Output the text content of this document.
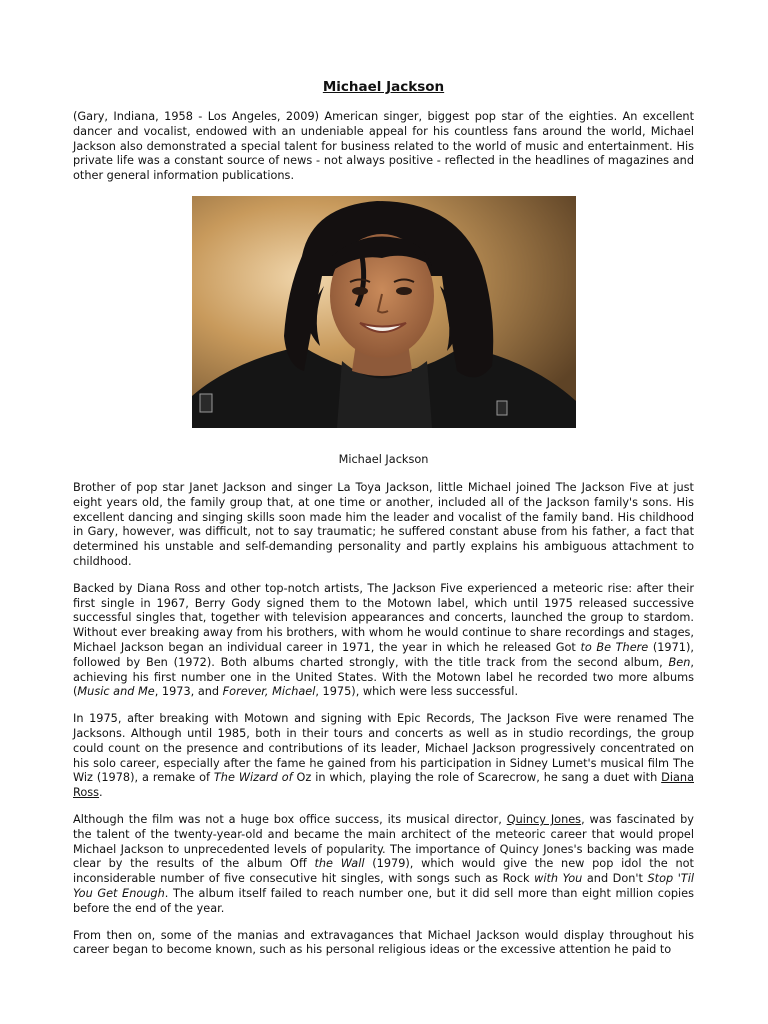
Michael Jackson

(Gary, Indiana, 1958 - Los Angeles, 2009) American singer, biggest pop star of the eighties. An excellent dancer and vocalist, endowed with an undeniable appeal for his countless fans around the world, Michael Jackson also demonstrated a special talent for business related to the world of music and entertainment. His private life was a constant source of news - not always positive - reflected in the headlines of magazines and other general information publications.

Michael Jackson

Brother of pop star Janet Jackson and singer La Toya Jackson, little Michael joined The Jackson Five at just eight years old, the family group that, at one time or another, included all of the Jackson family's sons. His excellent dancing and singing skills soon made him the leader and vocalist of the family band. His childhood in Gary, however, was difficult, not to say traumatic; he suffered constant abuse from his father, a fact that determined his unstable and self-demanding personality and partly explains his ambiguous attachment to childhood.

Backed by Diana Ross and other top-notch artists, The Jackson Five experienced a meteoric rise: after their first single in 1967, Berry Gody signed them to the Motown label, which until 1975 released successive successful singles that, together with television appearances and concerts, launched the group to stardom. Without ever breaking away from his brothers, with whom he would continue to share recordings and stages, Michael Jackson began an individual career in 1971, the year in which he released Got to Be There (1971), followed by Ben (1972). Both albums charted strongly, with the title track from the second album, Ben, achieving his first number one in the United States. With the Motown label he recorded two more albums (Music and Me, 1973, and Forever, Michael, 1975), which were less successful.

In 1975, after breaking with Motown and signing with Epic Records, The Jackson Five were renamed The Jacksons. Although until 1985, both in their tours and concerts as well as in studio recordings, the group could count on the presence and contributions of its leader, Michael Jackson progressively concentrated on his solo career, especially after the fame he gained from his participation in Sidney Lumet's musical film The Wiz (1978), a remake of The Wizard of Oz in which, playing the role of Scarecrow, he sang a duet with Diana Ross.

Although the film was not a huge box office success, its musical director, Quincy Jones, was fascinated by the talent of the twenty-year-old and became the main architect of the meteoric career that would propel Michael Jackson to unprecedented levels of popularity. The importance of Quincy Jones's backing was made clear by the results of the album Off the Wall (1979), which would give the new pop idol the not inconsiderable number of five consecutive hit singles, with songs such as Rock with You and Don't Stop 'Til You Get Enough. The album itself failed to reach number one, but it did sell more than eight million copies before the end of the year.

From then on, some of the manias and extravagances that Michael Jackson would display throughout his career began to become known, such as his personal religious ideas or the excessive attention he paid to
